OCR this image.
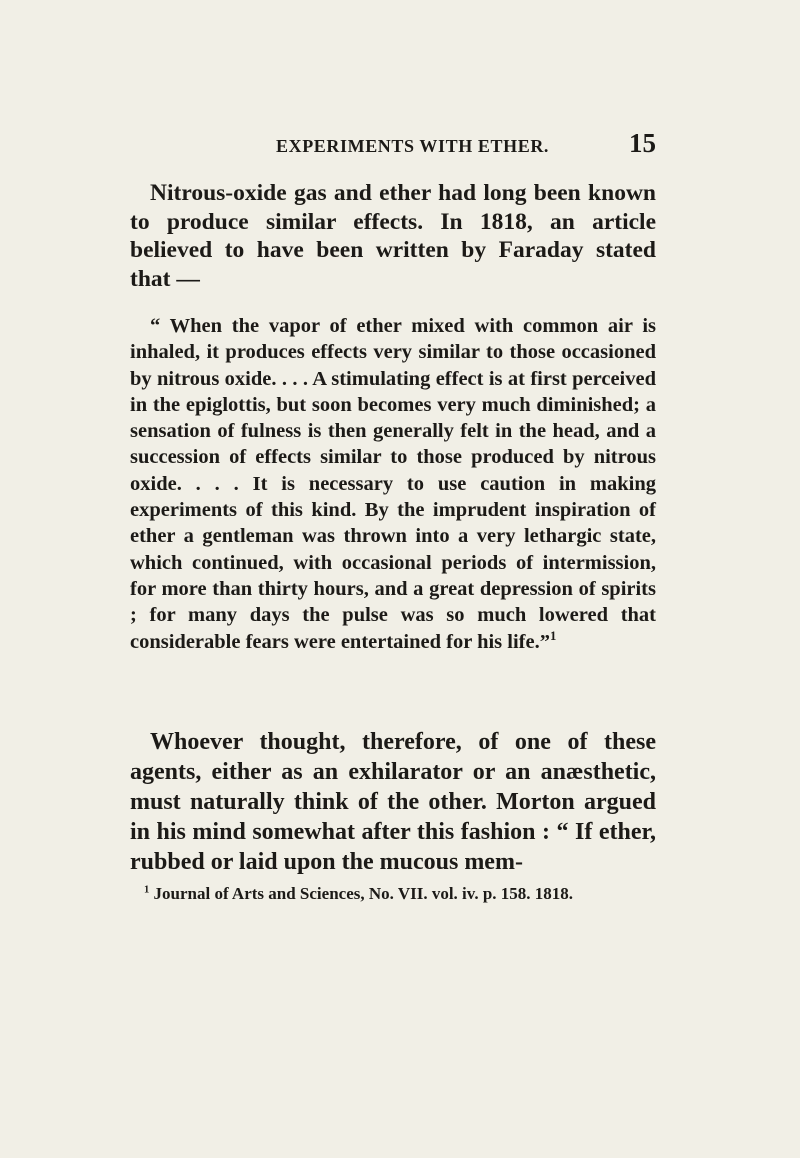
EXPERIMENTS WITH ETHER.	15

Nitrous-oxide gas and ether had long been known to produce similar effects. In 1818, an article believed to have been written by Faraday stated that —

“ When the vapor of ether mixed with common air is inhaled, it produces effects very similar to those occasioned by nitrous oxide. . . . A stimulating effect is at first perceived in the epiglottis, but soon becomes very much diminished; a sensation of fulness is then generally felt in the head, and a succession of effects similar to those produced by nitrous oxide. . . . It is necessary to use caution in making experiments of this kind. By the imprudent inspiration of ether a gentleman was thrown into a very lethargic state, which continued, with occasional periods of intermission, for more than thirty hours, and a great depression of spirits ; for many days the pulse was so much lowered that considerable fears were entertained for his life.”$^1$

Whoever thought, therefore, of one of these agents, either as an exhilarator or an anæsthetic, must naturally think of the other. Morton argued in his mind somewhat after this fashion : “ If ether, rubbed or laid upon the mucous mem-

$^1$ Journal of Arts and Sciences, No. VII. vol. iv. p. 158. 1818.
